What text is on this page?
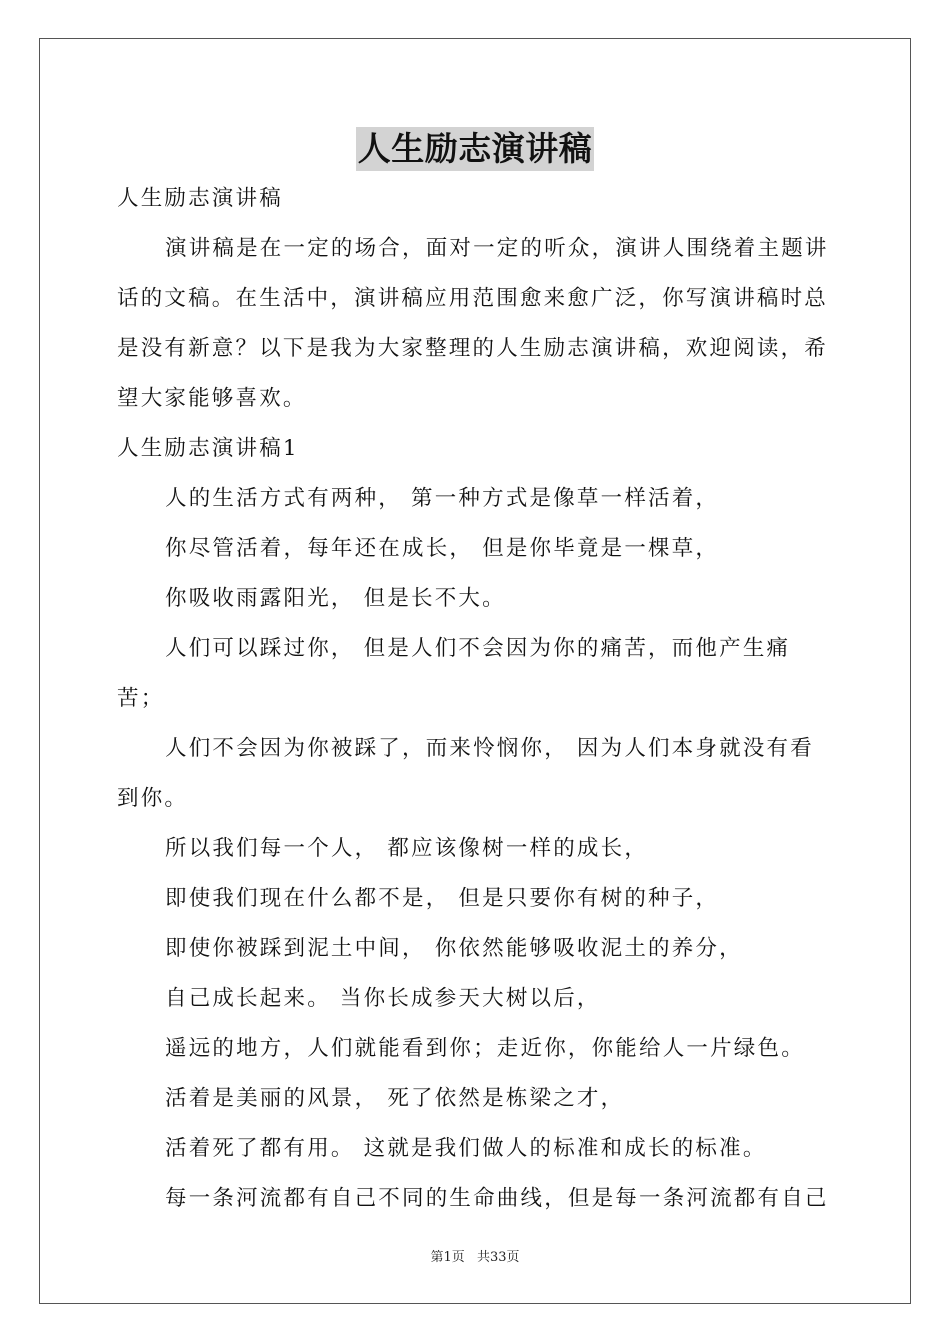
人生励志演讲稿

人生励志演讲稿

演讲稿是在一定的场合，面对一定的听众，演讲人围绕着主题讲话的文稿。在生活中，演讲稿应用范围愈来愈广泛，你写演讲稿时总是没有新意？以下是我为大家整理的人生励志演讲稿，欢迎阅读，希望大家能够喜欢。

人生励志演讲稿1

人的生活方式有两种， 第一种方式是像草一样活着，

你尽管活着，每年还在成长， 但是你毕竟是一棵草，

你吸收雨露阳光， 但是长不大。

人们可以踩过你， 但是人们不会因为你的痛苦，而他产生痛苦；

人们不会因为你被踩了，而来怜悯你， 因为人们本身就没有看到你。

所以我们每一个人， 都应该像树一样的成长，

即使我们现在什么都不是， 但是只要你有树的种子，

即使你被踩到泥土中间， 你依然能够吸收泥土的养分，

自己成长起来。 当你长成参天大树以后，

遥远的地方，人们就能看到你；走近你，你能给人一片绿色。

活着是美丽的风景， 死了依然是栋梁之才，

活着死了都有用。 这就是我们做人的标准和成长的标准。

每一条河流都有自己不同的生命曲线，但是每一条河流都有自己

第1页 共33页
